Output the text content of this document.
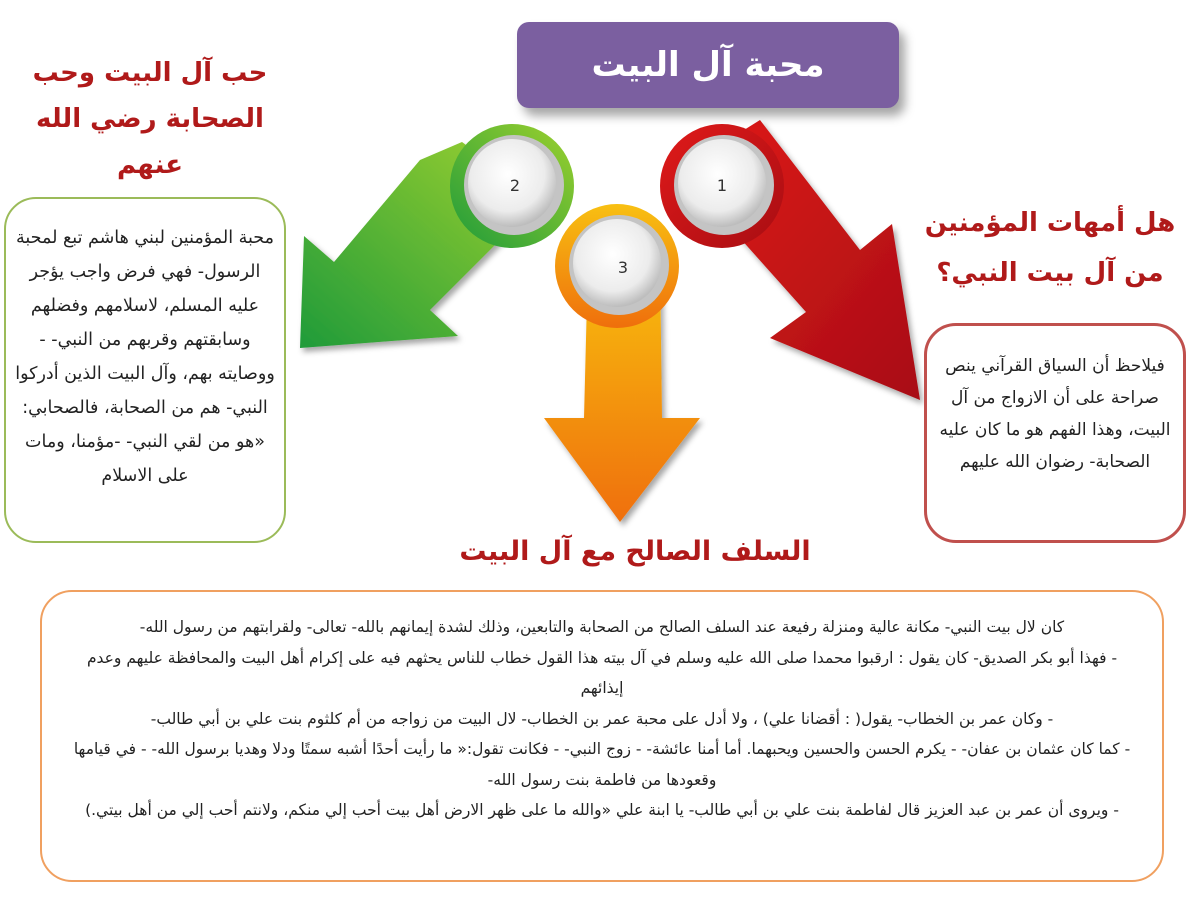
1
2
3
محبة آل البيت
حب آل البيت وحب الصحابة رضي الله عنهم
هل أمهات المؤمنين من آل بيت النبي؟
السلف الصالح مع آل البيت
محبة المؤمنين لبني هاشم تبع لمحبة الرسول- فهي فرض واجب يؤجر عليه المسلم، لاسلامهم وفضلهم وسابقتهم وقربهم من النبي- - ووصايته بهم، وآل البيت الذين أدركوا النبي- هم من الصحابة، فالصحابي: «هو من لقي النبي- -مؤمنا، ومات على الاسلام
فيلاحظ أن السياق القرآني ينص صراحة على أن الازواج من آل البيت، وهذا الفهم هو ما كان عليه الصحابة- رضوان الله عليهم

كان لال بيت النبي- مكانة عالية ومنزلة رفيعة عند السلف الصالح من الصحابة والتابعين، وذلك لشدة إيمانهم بالله- تعالى- ولقرابتهم من رسول الله-

- فهذا أبو بكر الصديق- كان يقول : ارقبوا محمدا صلى الله عليه وسلم في آل بيته هذا القول خطاب للناس يحثهم فيه على إكرام أهل البيت والمحافظة عليهم وعدم إيذائهم

- وكان عمر بن الخطاب- يقول( : أقضانا علي) ، ولا أدل على محبة عمر بن الخطاب- لال البيت من زواجه من أم كلثوم بنت علي بن أبي طالب-

- كما كان عثمان بن عفان- - يكرم الحسن والحسين ويحبهما. أما أمنا عائشة- - زوج النبي- - فكانت تقول:« ما رأيت أحدًا أشبه سمتًا ودلا وهديا برسول الله- - في قيامها وقعودها من فاطمة بنت رسول الله-

- ويروى أن عمر بن عبد العزيز قال لفاطمة بنت علي بن أبي طالب- يا ابنة علي «والله ما على ظهر الارض أهل بيت أحب إلي منكم، ولانتم أحب إلي من أهل بيتي.)
